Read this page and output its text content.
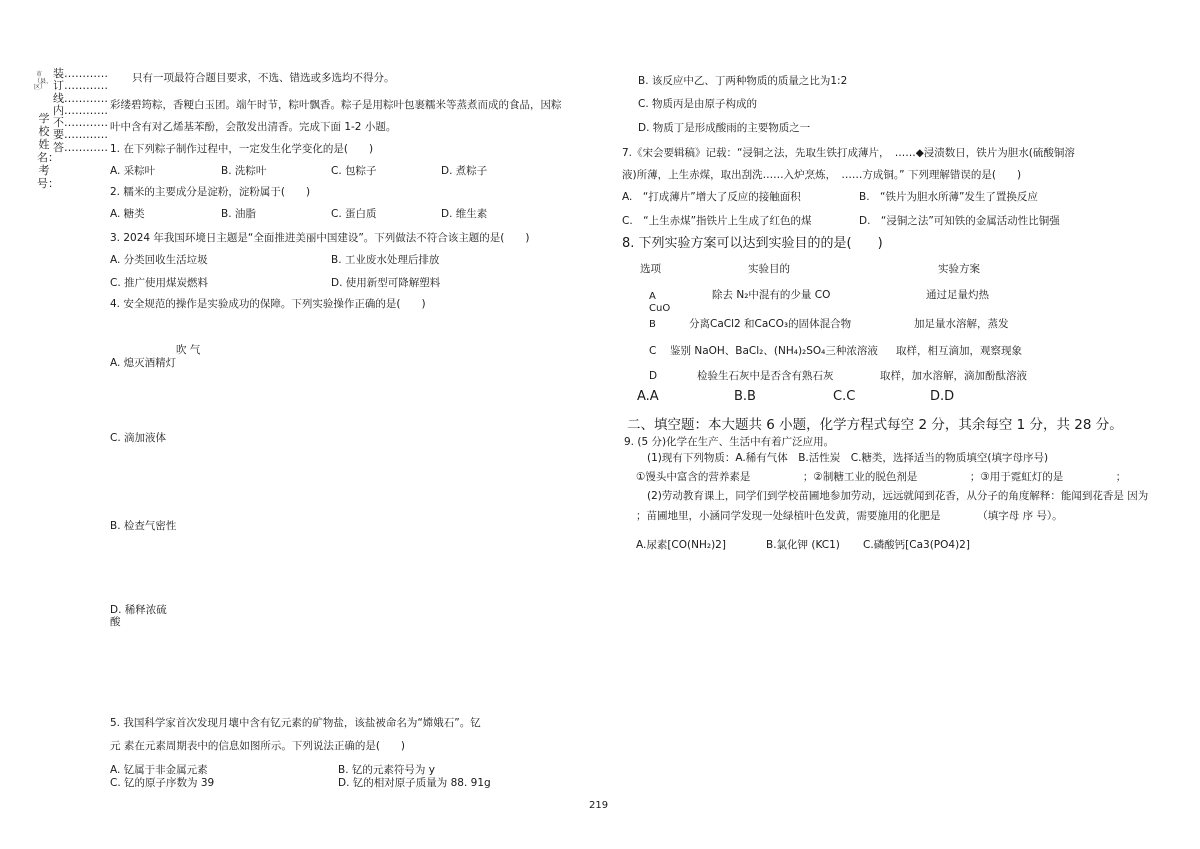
市（县、区）
学校姓名：考号：
装…………订…………线…………内…………不…………要…………答…………
只有一项最符合题目要求，不选、错选或多选均不得分。
彩缕碧筠粽，香粳白玉团。端午时节，粽叶飘香。粽子是用粽叶包裹糯米等蒸煮而成的食品，因粽
叶中含有对乙烯基苯酚，会散发出清香。完成下面 1-2 小题。
1. 在下列粽子制作过程中，一定发生化学变化的是(　　)
A. 采粽叶	B. 洗粽叶	C. 包粽子	D. 煮粽子
2. 糯米的主要成分是淀粉，淀粉属于(　　)
A. 糖类	B. 油脂	C. 蛋白质	D. 维生素
3. 2024 年我国环境日主题是“全面推进美丽中国建设”。下列做法不符合该主题的是(　　)
A. 分类回收生活垃圾	B. 工业废水处理后排放
C. 推广使用煤炭燃料	D. 使用新型可降解塑料
4. 安全规范的操作是实验成功的保障。下列实验操作正确的是(　　)
吹 气
A. 熄灭酒精灯
C. 滴加液体
B. 检查气密性
D. 稀释浓硫
酸
5. 我国科学家首次发现月壤中含有钇元素的矿物盐，该盐被命名为“嫦娥石”。钇
元 素在元素周期表中的信息如图所示。下列说法正确的是(　　)
A. 钇属于非金属元素	B. 钇的元素符号为 y
C. 钇的原子序数为 39	D. 钇的相对原子质量为 88. 91g
B. 该反应中乙、丁两种物质的质量之比为1:2
C. 物质丙是由原子构成的
D. 物质丁是形成酸雨的主要物质之一
7.《宋会要辑稿》记载：“浸铜之法，先取生铁打成薄片，　……◆浸渍数日，铁片为胆水(硫酸铜溶
液)所薄，上生赤煤，取出刮洗……入炉烹炼，　……方成铜。” 下列理解错误的是(　　)
A.　“打成薄片”增大了反应的接触面积	B.　“铁片为胆水所薄”发生了置换反应
C.　“上生赤煤”指铁片上生成了红色的煤	D.　“浸铜之法”可知铁的金属活动性比铜强
8. 下列实验方案可以达到实验目的的是(　　)
选项	实验目的	实验方案
A	除去 N₂中混有的少量 CO	通过足量灼热
CuO
B	分离CaCl2 和CaCO₃的固体混合物	加足量水溶解，蒸发
C 鉴别 NaOH、BaCl₂、(NH₄)₂SO₄三种浓溶液 取样，相互滴加，观察现象
D	检验生石灰中是否含有熟石灰	取样，加水溶解，滴加酚酞溶液
A.A	B.B	C.C	D.D
二、填空题：本大题共 6 小题，化学方程式每空 2 分，其余每空 1 分，共 28 分。
9. (5 分)化学在生产、生活中有着广泛应用。
(1)现有下列物质：A.稀有气体　B.活性炭　C.糖类，选择适当的物质填空(填字母序号)
①馒头中富含的营养素是　　　　　；②制糖工业的脱色剂是　　　　　；③用于霓虹灯的是　　　　　；
(2)劳动教育课上，同学们到学校苗圃地参加劳动，远远就闻到花香，从分子的角度解释：能闻到花香是 因为
；苗圃地里，小涵同学发现一处绿植叶色发黄，需要施用的化肥是　　　　（填字母 序 号）。
A.尿素[CO(NH₂)2]	B.氯化钾 (KC1) C.磷酸钙[Ca3(PO4)2]
219
